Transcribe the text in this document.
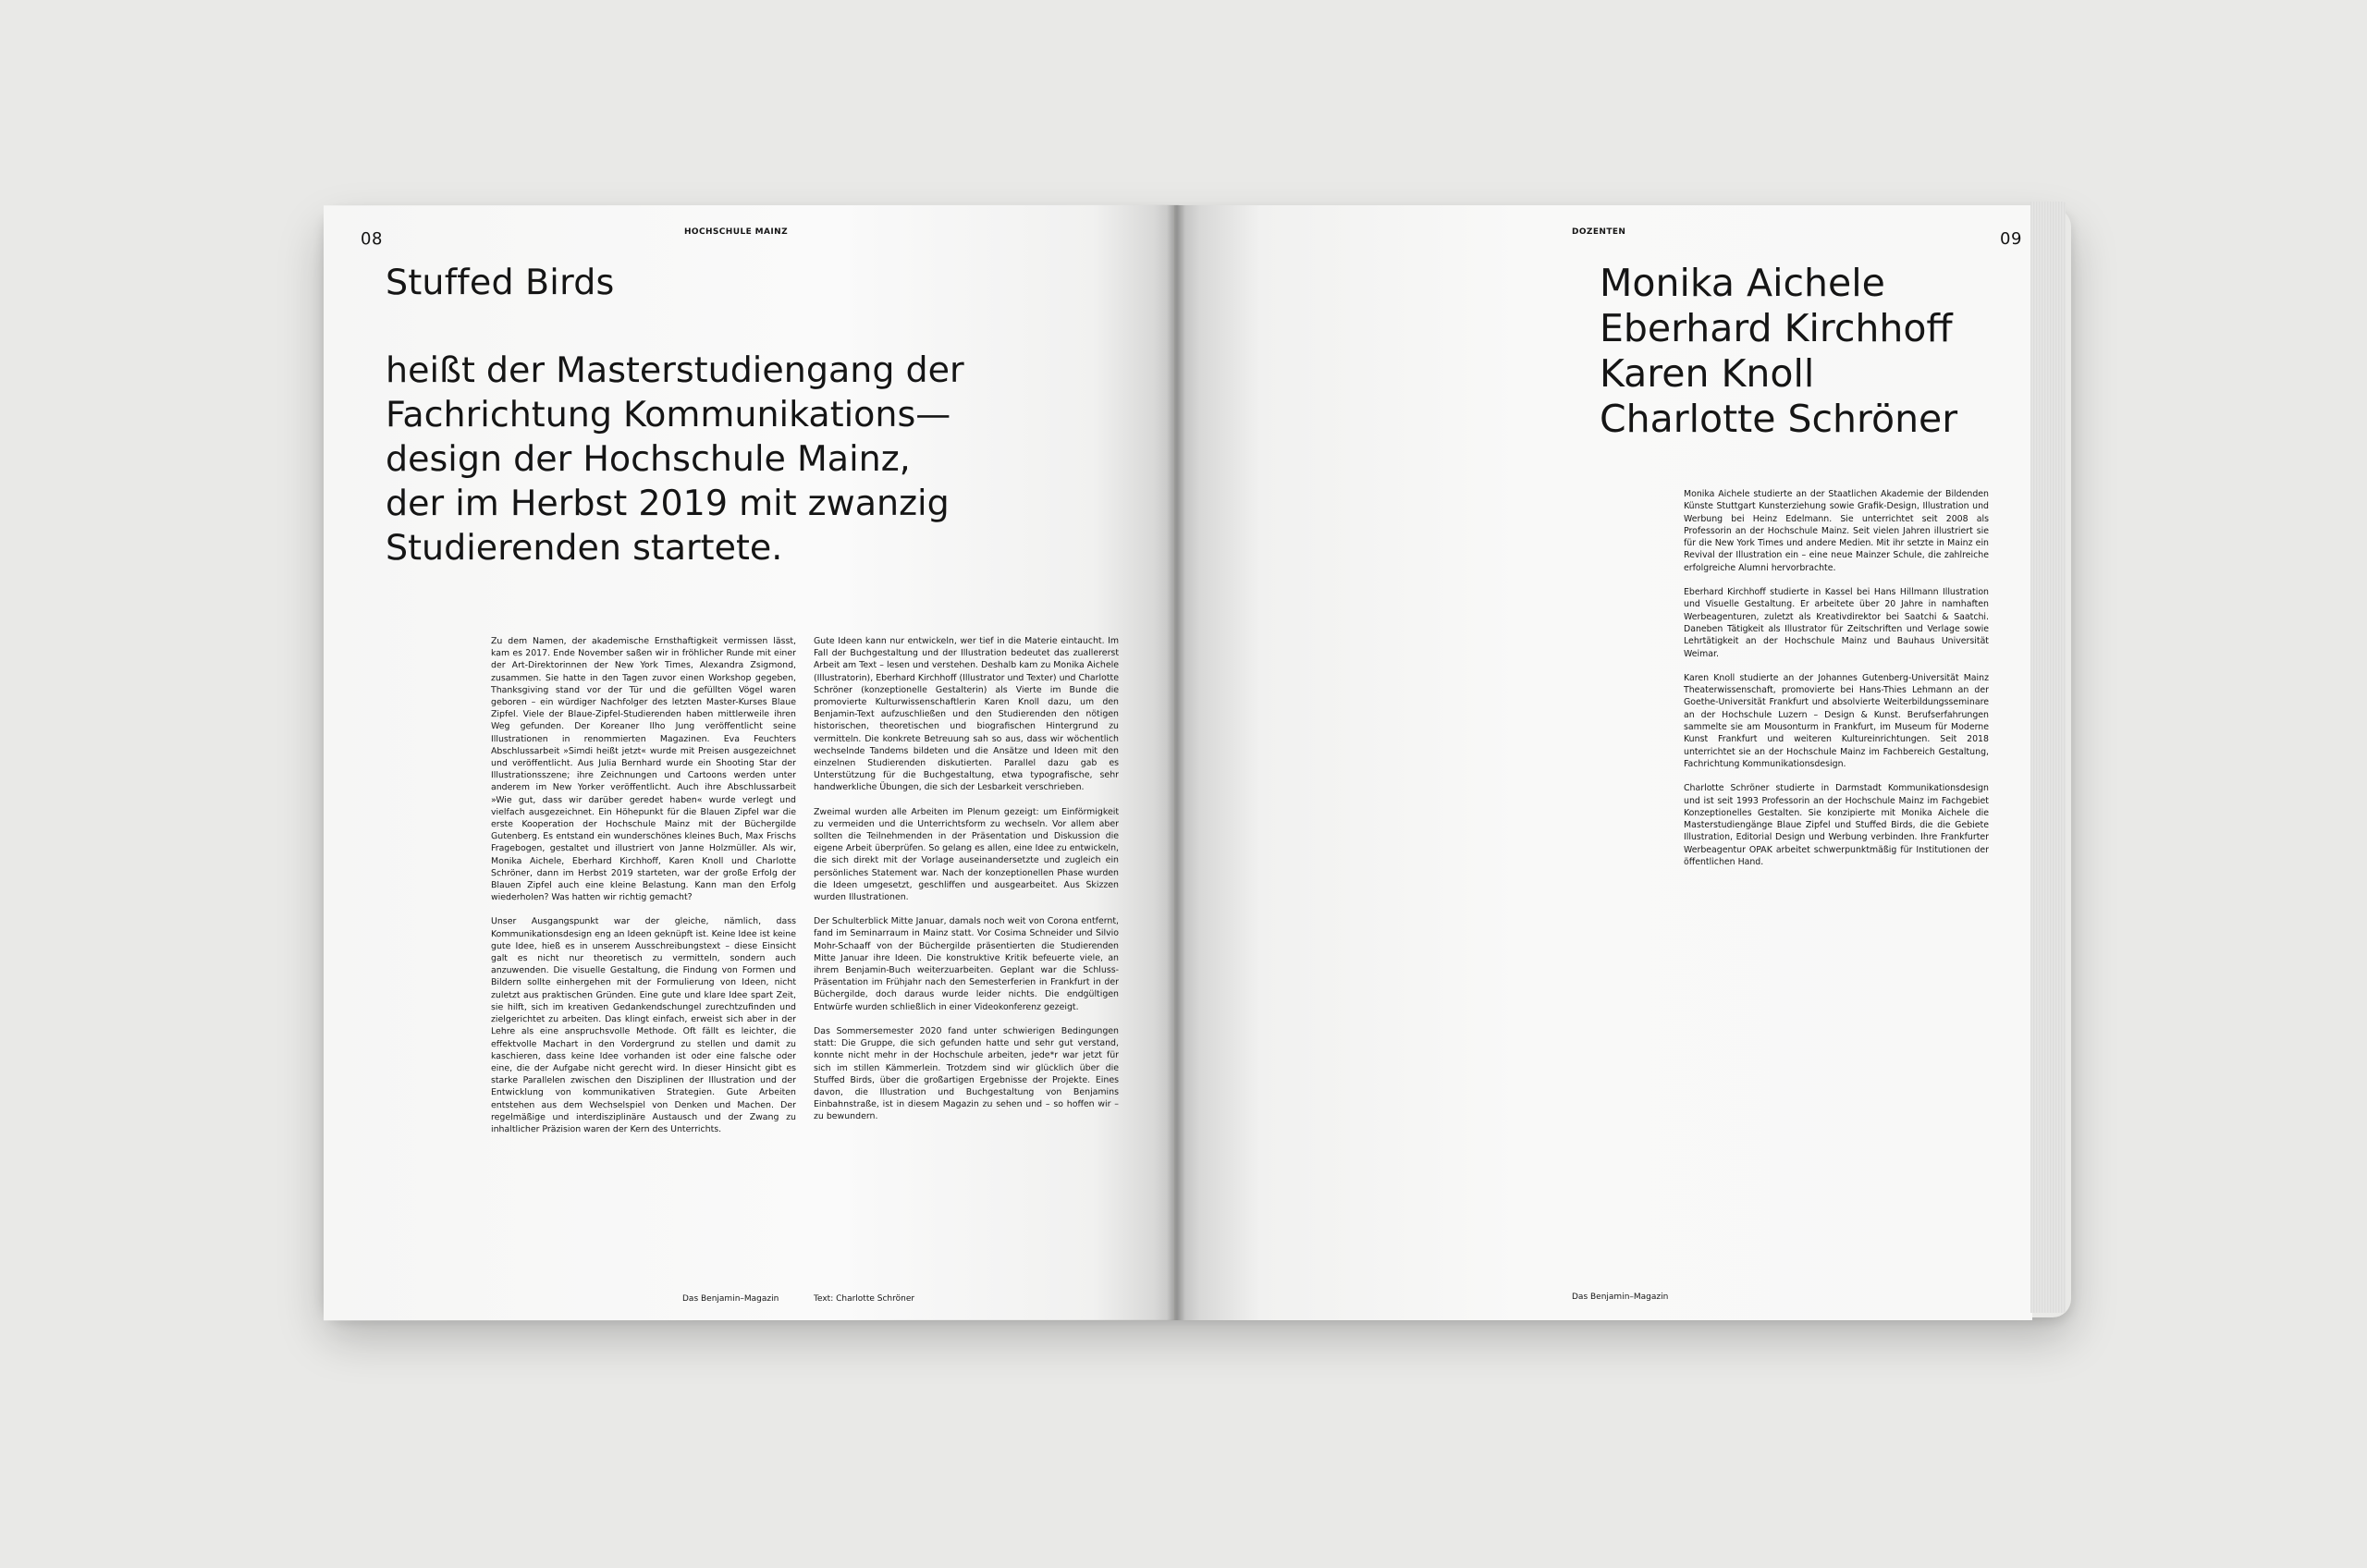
08	HOCHSCHULE MAINZ
Stuffed Birds
heißt der Masterstudiengang der
Fachrichtung Kommunikations—
design der Hochschule Mainz,
der im Herbst 2019 mit zwanzig
Studierenden startete.

Zu dem Namen, der akademische Ernsthaftigkeit vermissen lässt, kam es 2017. Ende November saßen wir in fröhlicher Runde mit einer der Art-Direktorinnen der New York Times, Alexandra Zsigmond, zusammen. Sie hatte in den Tagen zuvor einen Workshop gegeben, Thanksgiving stand vor der Tür und die gefüllten Vögel waren geboren – ein würdiger Nachfolger des letzten Master-Kurses Blaue Zipfel. Viele der Blaue-Zipfel-Studierenden haben mittlerweile ihren Weg gefunden. Der Koreaner Ilho Jung veröffentlicht seine Illustrationen in renommierten Magazinen. Eva Feuchters Abschlussarbeit »Simdi heißt jetzt« wurde mit Preisen ausgezeichnet und veröffentlicht. Aus Julia Bernhard wurde ein Shooting Star der Illustrationsszene; ihre Zeichnungen und Cartoons werden unter anderem im New Yorker veröffentlicht. Auch ihre Abschlussarbeit »Wie gut, dass wir darüber geredet haben« wurde verlegt und vielfach ausgezeichnet. Ein Höhepunkt für die Blauen Zipfel war die erste Kooperation der Hochschule Mainz mit der Büchergilde Gutenberg. Es entstand ein wunderschönes kleines Buch, Max Frischs Fragebogen, gestaltet und illustriert von Janne Holzmüller. Als wir, Monika Aichele, Eberhard Kirchhoff, Karen Knoll und Charlotte Schröner, dann im Herbst 2019 starteten, war der große Erfolg der Blauen Zipfel auch eine kleine Belastung. Kann man den Erfolg wiederholen? Was hatten wir richtig gemacht?

Unser Ausgangspunkt war der gleiche, nämlich, dass Kommunikationsdesign eng an Ideen geknüpft ist. Keine Idee ist keine gute Idee, hieß es in unserem Ausschreibungstext – diese Einsicht galt es nicht nur theoretisch zu vermitteln, sondern auch anzuwenden. Die visuelle Gestaltung, die Findung von Formen und Bildern sollte einhergehen mit der Formulierung von Ideen, nicht zuletzt aus praktischen Gründen. Eine gute und klare Idee spart Zeit, sie hilft, sich im kreativen Gedankendschungel zurechtzufinden und zielgerichtet zu arbeiten. Das klingt einfach, erweist sich aber in der Lehre als eine anspruchsvolle Methode. Oft fällt es leichter, die effektvolle Machart in den Vordergrund zu stellen und damit zu kaschieren, dass keine Idee vorhanden ist oder eine falsche oder eine, die der Aufgabe nicht gerecht wird. In dieser Hinsicht gibt es starke Parallelen zwischen den Disziplinen der Illustration und der Entwicklung von kommunikativen Strategien. Gute Arbeiten entstehen aus dem Wechselspiel von Denken und Machen. Der regelmäßige und interdisziplinäre Austausch und der Zwang zu inhaltlicher Präzision waren der Kern des Unterrichts.

Gute Ideen kann nur entwickeln, wer tief in die Materie eintaucht. Im Fall der Buchgestaltung und der Illustration bedeutet das zuallererst Arbeit am Text – lesen und verstehen. Deshalb kam zu Monika Aichele (Illustratorin), Eberhard Kirchhoff (Illustrator und Texter) und Charlotte Schröner (konzeptionelle Gestalterin) als Vierte im Bunde die promovierte Kulturwissenschaftlerin Karen Knoll dazu, um den Benjamin-Text aufzuschließen und den Studierenden den nötigen historischen, theoretischen und biografischen Hintergrund zu vermitteln. Die konkrete Betreuung sah so aus, dass wir wöchentlich wechselnde Tandems bildeten und die Ansätze und Ideen mit den einzelnen Studierenden diskutierten. Parallel dazu gab es Unterstützung für die Buchgestaltung, etwa typografische, sehr handwerkliche Übungen, die sich der Lesbarkeit verschrieben.

Zweimal wurden alle Arbeiten im Plenum gezeigt: um Einförmigkeit zu vermeiden und die Unterrichtsform zu wechseln. Vor allem aber sollten die Teilnehmenden in der Präsentation und Diskussion die eigene Arbeit überprüfen. So gelang es allen, eine Idee zu entwickeln, die sich direkt mit der Vorlage auseinandersetzte und zugleich ein persönliches Statement war. Nach der konzeptionellen Phase wurden die Ideen umgesetzt, geschliffen und ausgearbeitet. Aus Skizzen wurden Illustrationen.

Der Schulterblick Mitte Januar, damals noch weit von Corona entfernt, fand im Seminarraum in Mainz statt. Vor Cosima Schneider und Silvio Mohr-Schaaff von der Büchergilde präsentierten die Studierenden Mitte Januar ihre Ideen. Die konstruktive Kritik befeuerte viele, an ihrem Benjamin-Buch weiterzuarbeiten. Geplant war die Schluss-Präsentation im Frühjahr nach den Semesterferien in Frankfurt in der Büchergilde, doch daraus wurde leider nichts. Die endgültigen Entwürfe wurden schließlich in einer Videokonferenz gezeigt.

Das Sommersemester 2020 fand unter schwierigen Bedingungen statt: Die Gruppe, die sich gefunden hatte und sehr gut verstand, konnte nicht mehr in der Hochschule arbeiten, jede*r war jetzt für sich im stillen Kämmerlein. Trotzdem sind wir glücklich über die Stuffed Birds, über die großartigen Ergebnisse der Projekte. Eines davon, die Illustration und Buchgestaltung von Benjamins Einbahnstraße, ist in diesem Magazin zu sehen und – so hoffen wir – zu bewundern.

Das Benjamin–Magazin	Text: Charlotte Schröner
DOZENTEN	09
Monika Aichele
Eberhard Kirchhoff
Karen Knoll
Charlotte Schröner

Monika Aichele studierte an der Staatlichen Akademie der Bildenden Künste Stuttgart Kunsterziehung sowie Grafik-Design, Illustration und Werbung bei Heinz Edelmann. Sie unterrichtet seit 2008 als Professorin an der Hochschule Mainz. Seit vielen Jahren illustriert sie für die New York Times und andere Medien. Mit ihr setzte in Mainz ein Revival der Illustration ein – eine neue Mainzer Schule, die zahlreiche erfolgreiche Alumni hervorbrachte.

Eberhard Kirchhoff studierte in Kassel bei Hans Hillmann Illustration und Visuelle Gestaltung. Er arbeitete über 20 Jahre in namhaften Werbeagenturen, zuletzt als Kreativdirektor bei Saatchi & Saatchi. Daneben Tätigkeit als Illustrator für Zeitschriften und Verlage sowie Lehrtätigkeit an der Hochschule Mainz und Bauhaus Universität Weimar.

Karen Knoll studierte an der Johannes Gutenberg-Universität Mainz Theaterwissenschaft, promovierte bei Hans-Thies Lehmann an der Goethe-Universität Frankfurt und absolvierte Weiterbildungsseminare an der Hochschule Luzern – Design & Kunst. Berufserfahrungen sammelte sie am Mousonturm in Frankfurt, im Museum für Moderne Kunst Frankfurt und weiteren Kultureinrichtungen. Seit 2018 unterrichtet sie an der Hochschule Mainz im Fachbereich Gestaltung, Fachrichtung Kommunikationsdesign.

Charlotte Schröner studierte in Darmstadt Kommunikationsdesign und ist seit 1993 Professorin an der Hochschule Mainz im Fachgebiet Konzeptionelles Gestalten. Sie konzipierte mit Monika Aichele die Masterstudiengänge Blaue Zipfel und Stuffed Birds, die die Gebiete Illustration, Editorial Design und Werbung verbinden. Ihre Frankfurter Werbeagentur OPAK arbeitet schwerpunktmäßig für Institutionen der öffentlichen Hand.

Das Benjamin–Magazin
